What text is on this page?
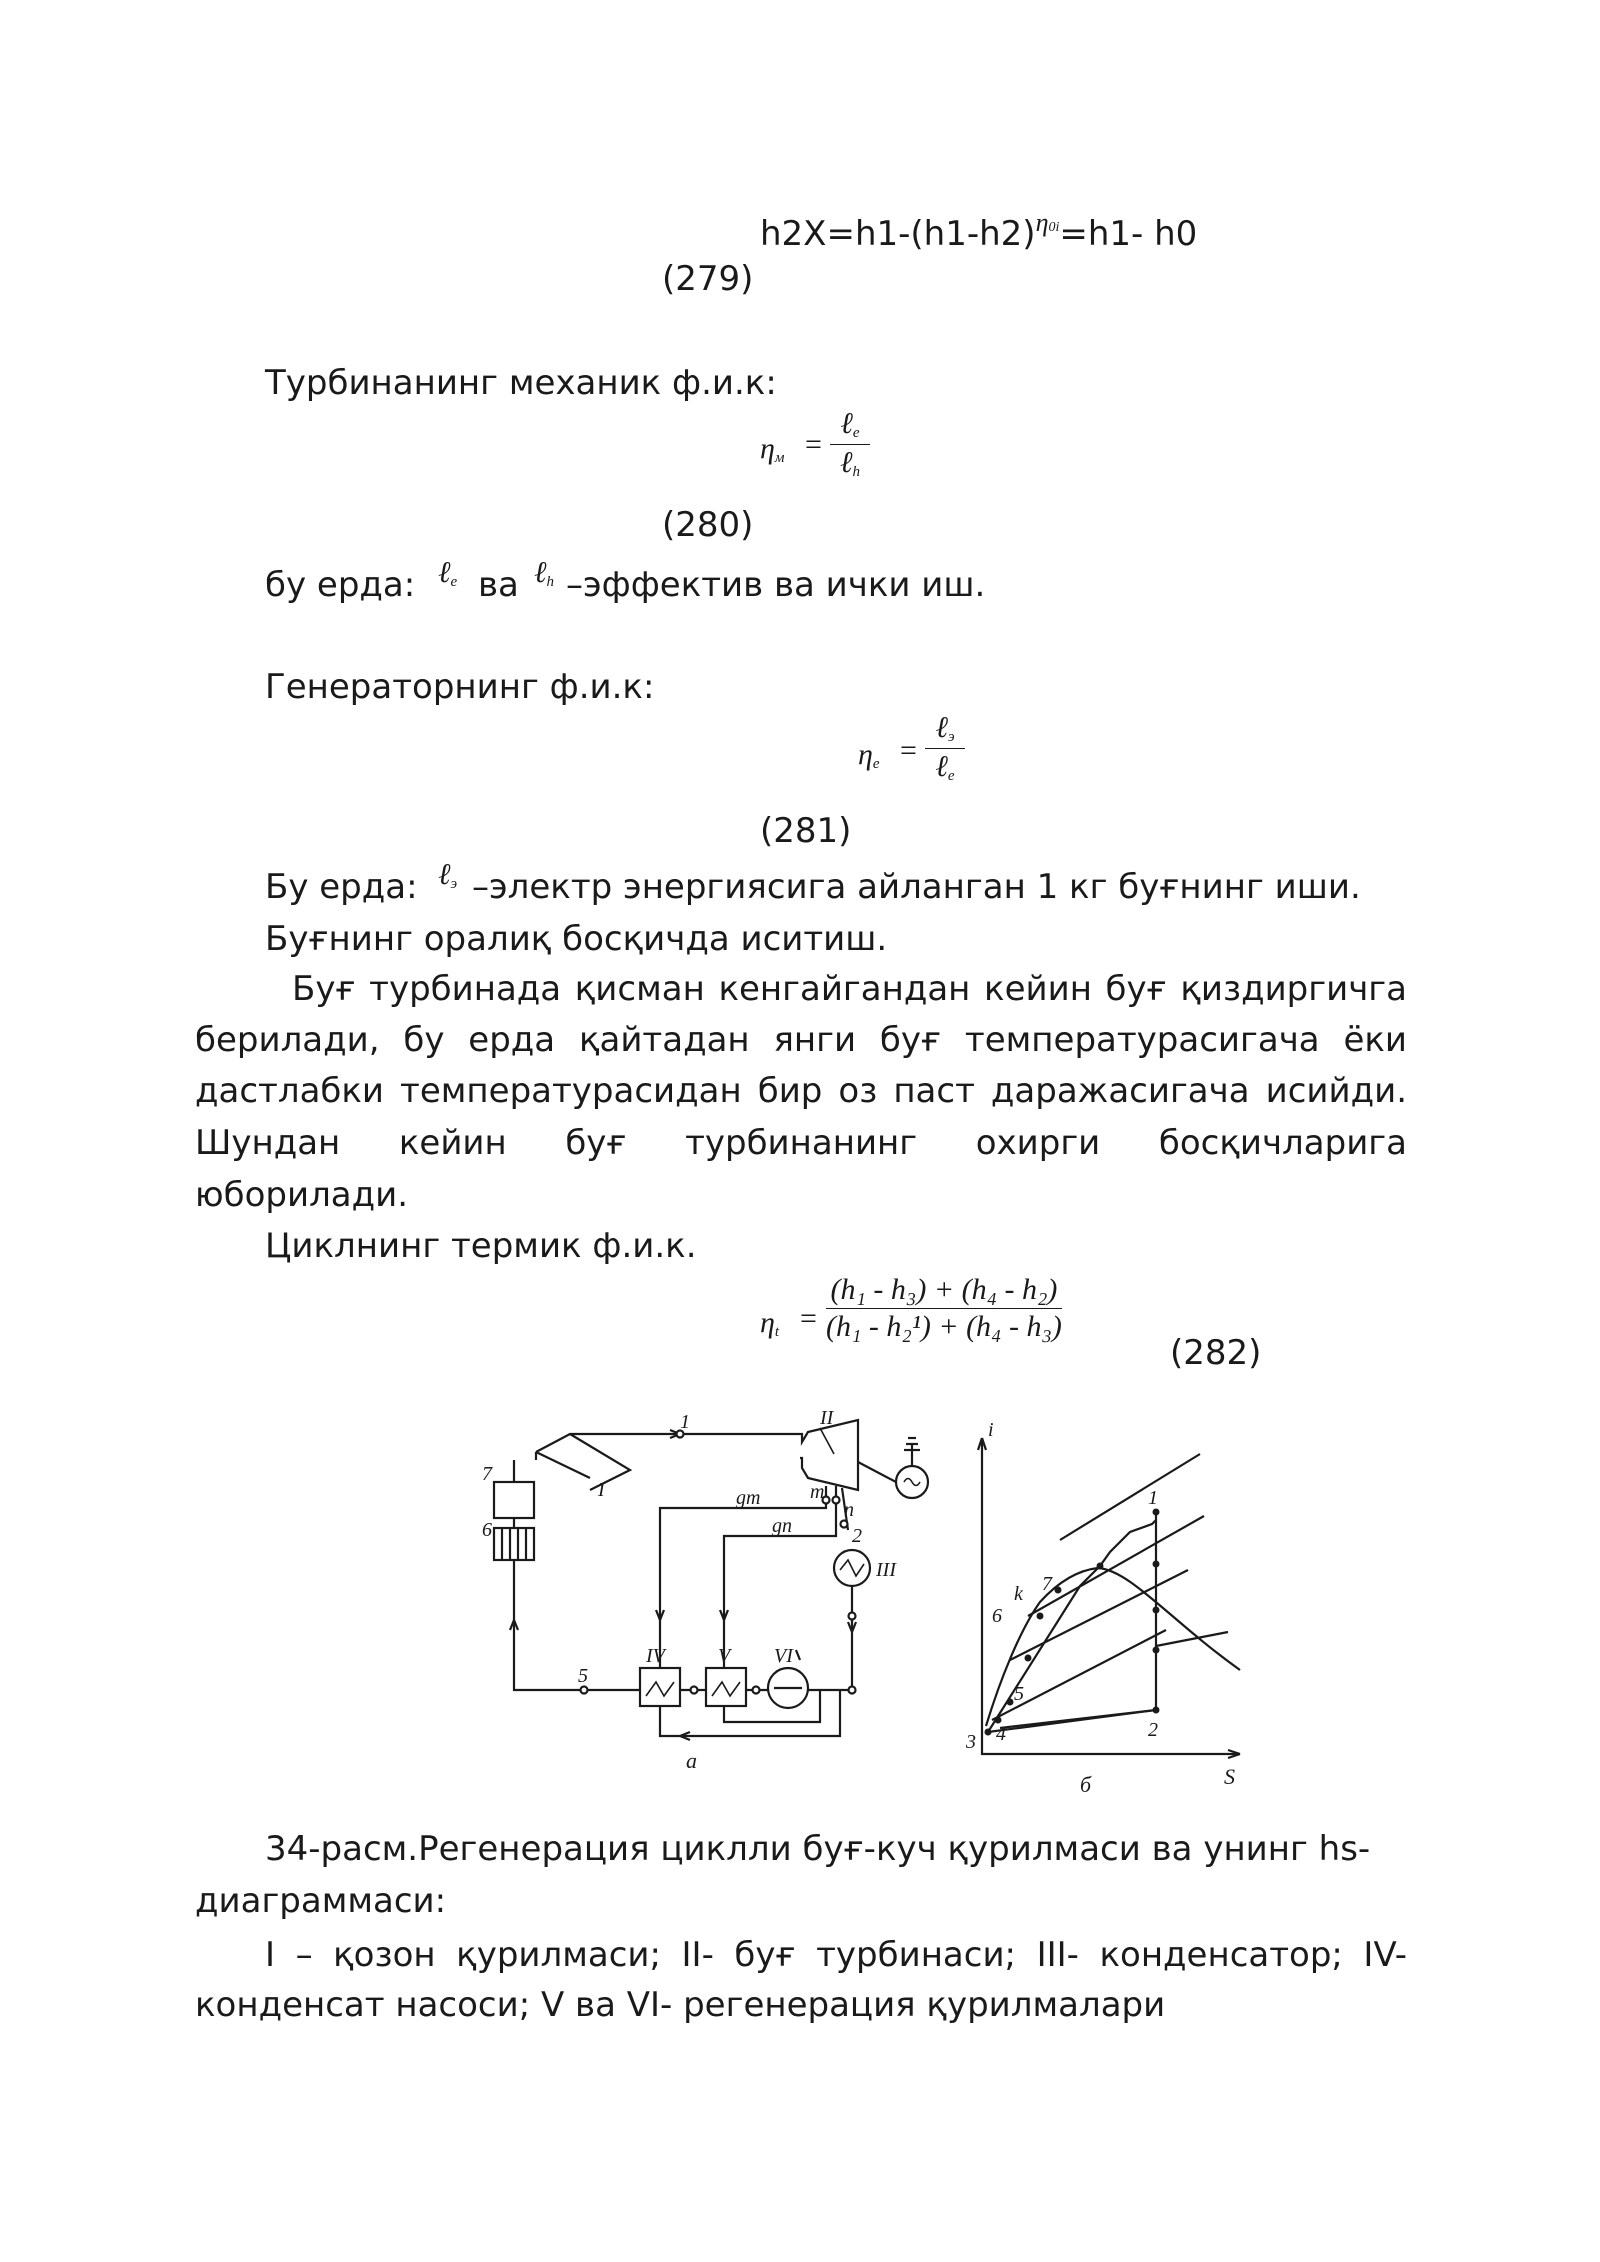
$h2X=h1-(h1-h2)^{\eta 0i}=h1-$ h0
(279)
Турбинанинг механик ф.и.к:
$\eta_м$ =
ℓ$_e$
ℓ$_h$
(280)
бу ерда: ℓ$_e$ ва ℓ$_h$ –эффектив ва ички иш.
Генераторнинг ф.и.к:
$\eta_e$ =
ℓ$_э$
ℓ$_e$
(281)
Бу ерда: ℓ$_э$ –электр энергиясига айланган 1 кг буғнинг иши.
Буғнинг оралиқ босқичда иситиш.
Буғ турбинада қисман кенгайгандан кейин буғ қиздиргичга
берилади, бу ерда қайтадан янги буғ температурасигача ёки
дастлабки температурасидан бир оз паст даражасигача исийди.
Шундан кейин буғ турбинанинг охирги босқичларига
юборилади.
Циклнинг термик ф.и.к.
$\eta_t$ =
(h₁ - h₃) + (h₄ - h₂)
(h₁ - h₂¹) + (h₄ - h₃)
(282)
1
2
5
6
7
m
n
gm
gn
I
II
III
IV	V VI
а
i
S
1
2
3 4
5
6
7
k
б
34-расм.Регенерация циклли буғ-куч қурилмаси ва унинг hs-
диаграммаси:
I – қозон қурилмаси; II- буғ турбинаси; III- конденсатор; IV-
конденсат насоси; V ва VI- регенерация қурилмалари
